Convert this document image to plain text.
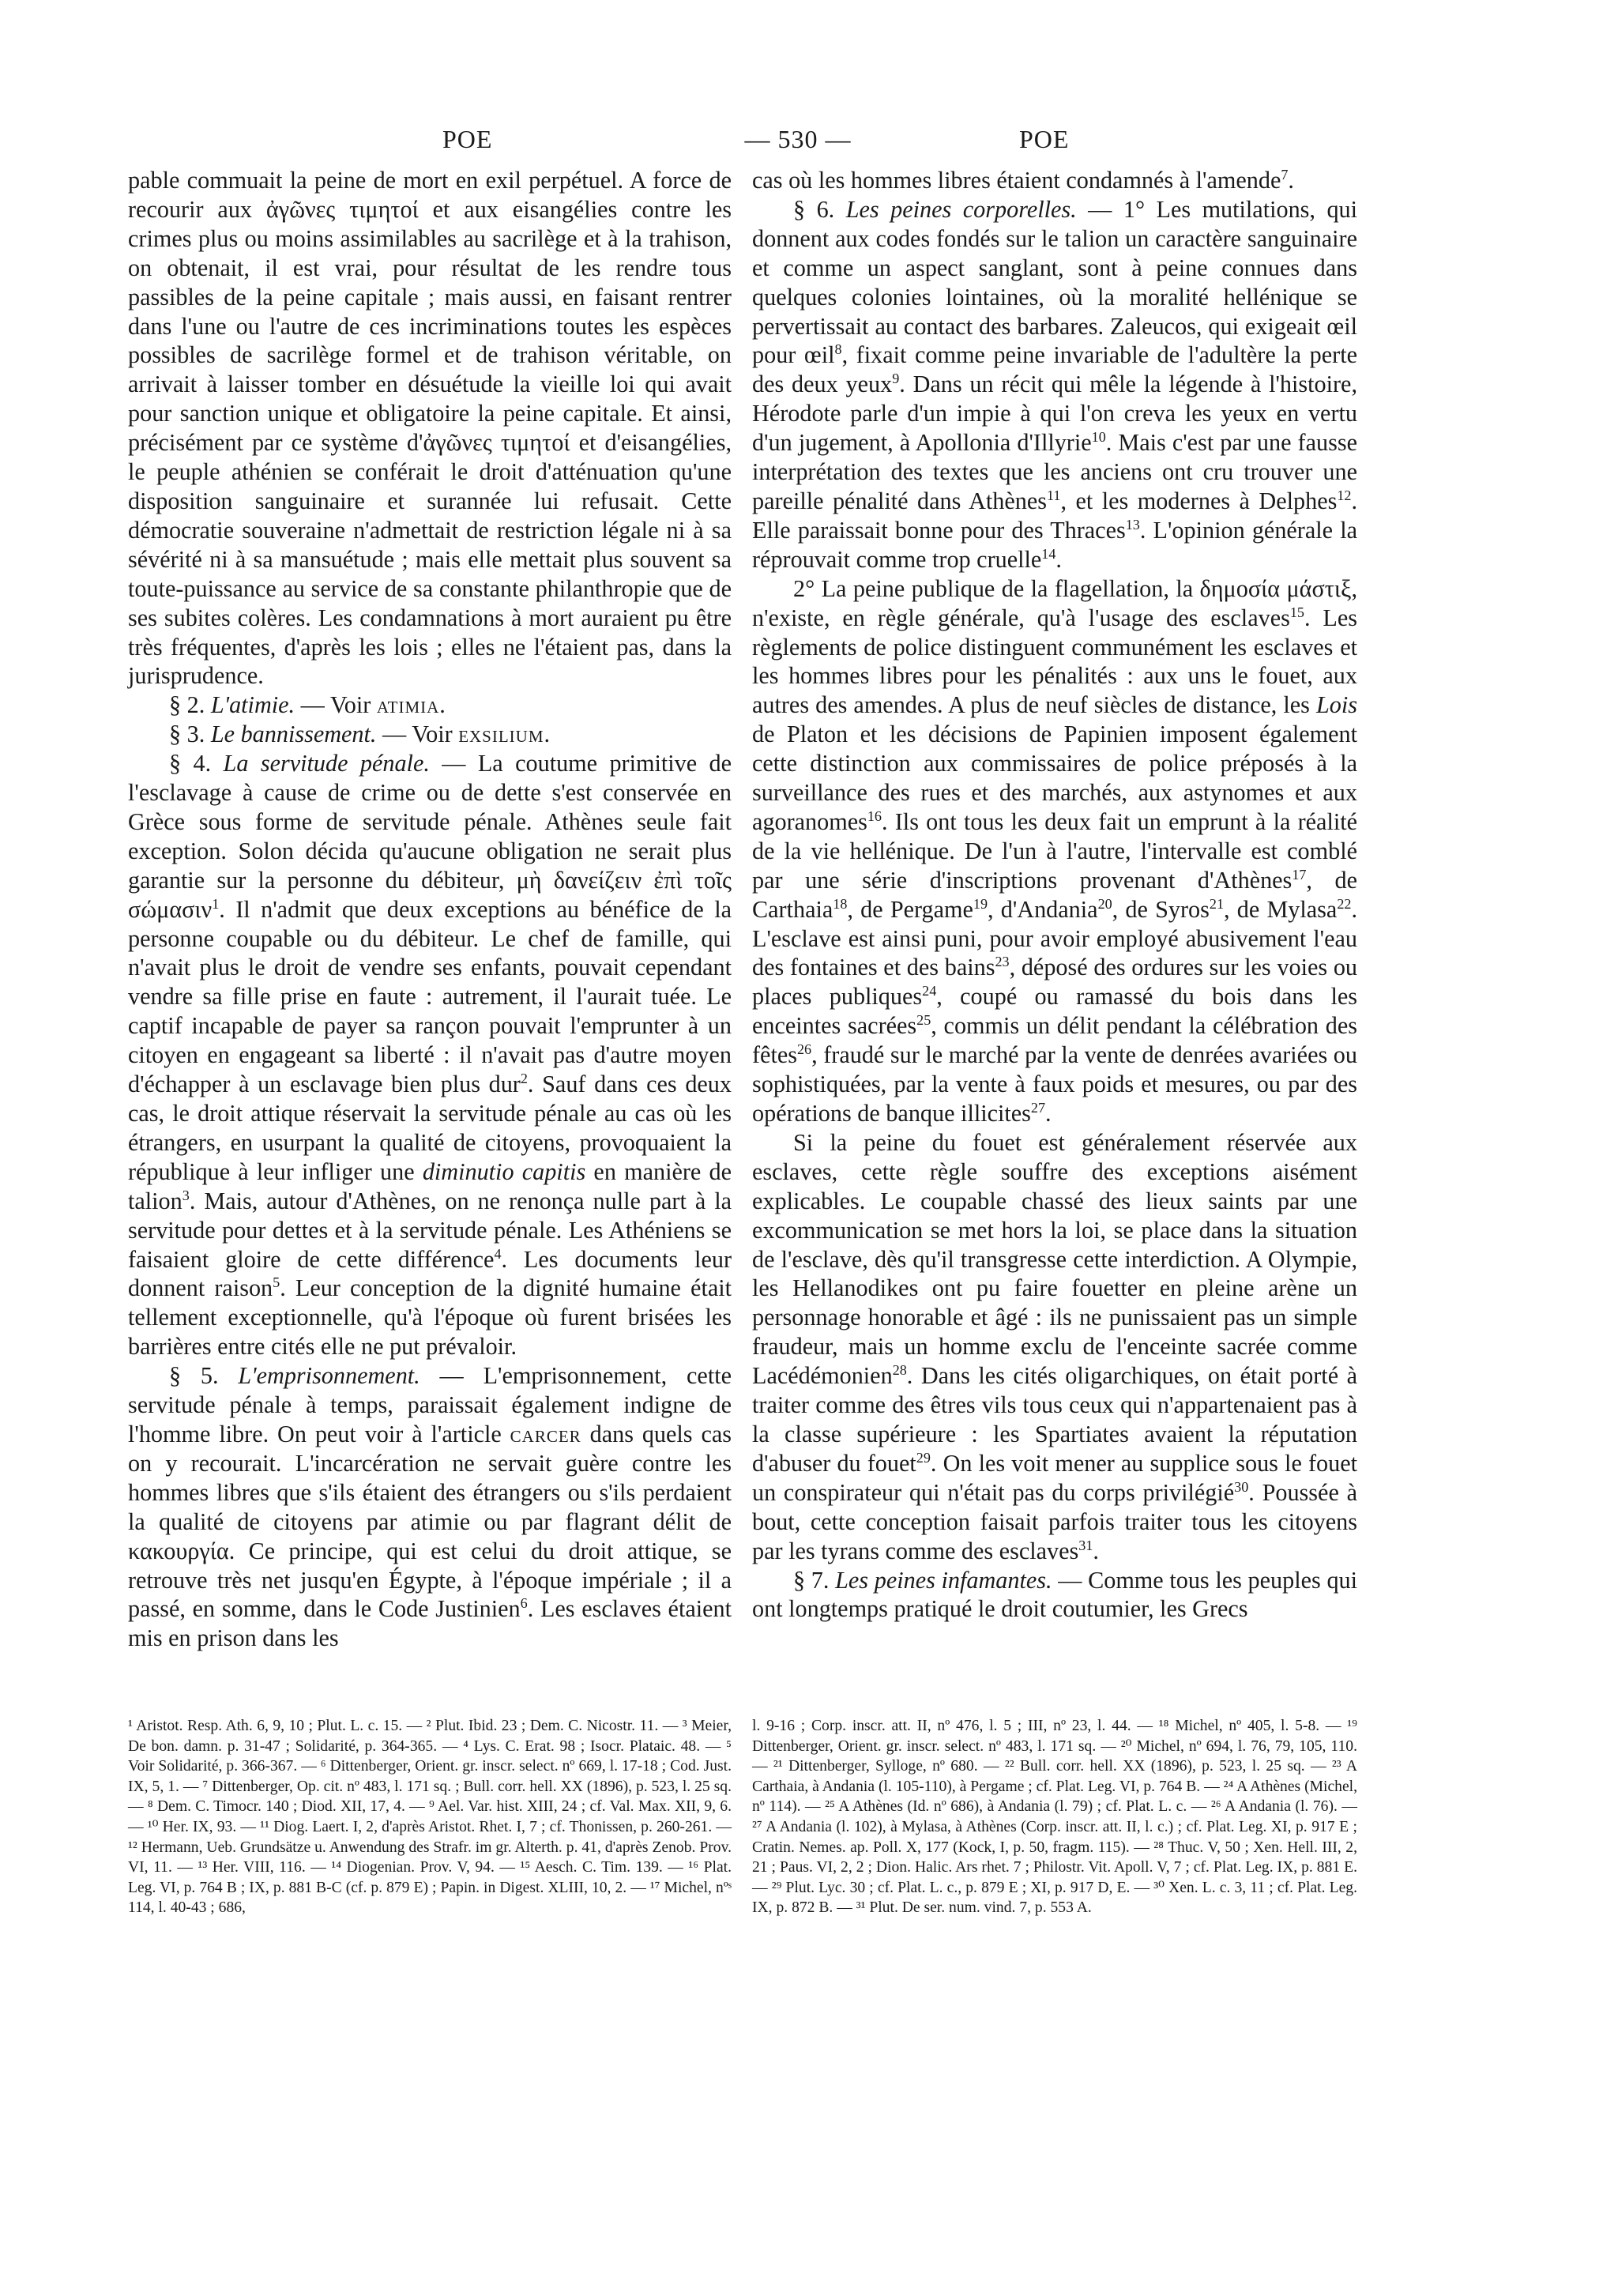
POE	— 530 —	POE

pable commuait la peine de mort en exil perpétuel. A force de recourir aux ἀγῶνες τιμητοί et aux eisangélies contre les crimes plus ou moins assimilables au sacrilège et à la trahison, on obtenait, il est vrai, pour résultat de les rendre tous passibles de la peine capitale ; mais aussi, en faisant rentrer dans l'une ou l'autre de ces incriminations toutes les espèces possibles de sacrilège formel et de trahison véritable, on arrivait à laisser tomber en désuétude la vieille loi qui avait pour sanction unique et obligatoire la peine capitale. Et ainsi, précisément par ce système d'ἀγῶνες τιμητοί et d'eisangélies, le peuple athénien se conférait le droit d'atténuation qu'une disposition sanguinaire et surannée lui refusait. Cette démocratie souveraine n'admettait de restriction légale ni à sa sévérité ni à sa mansuétude ; mais elle mettait plus souvent sa toute-puissance au service de sa constante philanthropie que de ses subites colères. Les condamnations à mort auraient pu être très fréquentes, d'après les lois ; elles ne l'étaient pas, dans la jurisprudence.

§ 2. L'atimie. — Voir atimia.

§ 3. Le bannissement. — Voir exsilium.

§ 4. La servitude pénale. — La coutume primitive de l'esclavage à cause de crime ou de dette s'est conservée en Grèce sous forme de servitude pénale. Athènes seule fait exception. Solon décida qu'aucune obligation ne serait plus garantie sur la personne du débiteur, μὴ δανείζειν ἐπὶ τοῖς σώμασιν$^1$. Il n'admit que deux exceptions au bénéfice de la personne coupable ou du débiteur. Le chef de famille, qui n'avait plus le droit de vendre ses enfants, pouvait cependant vendre sa fille prise en faute : autrement, il l'aurait tuée. Le captif incapable de payer sa rançon pouvait l'emprunter à un citoyen en engageant sa liberté : il n'avait pas d'autre moyen d'échapper à un esclavage bien plus dur$^2$. Sauf dans ces deux cas, le droit attique réservait la servitude pénale au cas où les étrangers, en usurpant la qualité de citoyens, provoquaient la république à leur infliger une diminutio capitis en manière de talion$^3$. Mais, autour d'Athènes, on ne renonça nulle part à la servitude pour dettes et à la servitude pénale. Les Athéniens se faisaient gloire de cette différence$^4$. Les documents leur donnent raison$^5$. Leur conception de la dignité humaine était tellement exceptionnelle, qu'à l'époque où furent brisées les barrières entre cités elle ne put prévaloir.

§ 5. L'emprisonnement. — L'emprisonnement, cette servitude pénale à temps, paraissait également indigne de l'homme libre. On peut voir à l'article carcer dans quels cas on y recourait. L'incarcération ne servait guère contre les hommes libres que s'ils étaient des étrangers ou s'ils perdaient la qualité de citoyens par atimie ou par flagrant délit de κακουργία. Ce principe, qui est celui du droit attique, se retrouve très net jusqu'en Égypte, à l'époque impériale ; il a passé, en somme, dans le Code Justinien$^6$. Les esclaves étaient mis en prison dans les

cas où les hommes libres étaient condamnés à l'amende$^7$.

§ 6. Les peines corporelles. — 1° Les mutilations, qui donnent aux codes fondés sur le talion un caractère sanguinaire et comme un aspect sanglant, sont à peine connues dans quelques colonies lointaines, où la moralité hellénique se pervertissait au contact des barbares. Zaleucos, qui exigeait œil pour œil$^8$, fixait comme peine invariable de l'adultère la perte des deux yeux$^9$. Dans un récit qui mêle la légende à l'histoire, Hérodote parle d'un impie à qui l'on creva les yeux en vertu d'un jugement, à Apollonia d'Illyrie$^{10}$. Mais c'est par une fausse interprétation des textes que les anciens ont cru trouver une pareille pénalité dans Athènes$^{11}$, et les modernes à Delphes$^{12}$. Elle paraissait bonne pour des Thraces$^{13}$. L'opinion générale la réprouvait comme trop cruelle$^{14}$.

2° La peine publique de la flagellation, la δημοσία μάστιξ, n'existe, en règle générale, qu'à l'usage des esclaves$^{15}$. Les règlements de police distinguent communément les esclaves et les hommes libres pour les pénalités : aux uns le fouet, aux autres des amendes. A plus de neuf siècles de distance, les Lois de Platon et les décisions de Papinien imposent également cette distinction aux commissaires de police préposés à la surveillance des rues et des marchés, aux astynomes et aux agoranomes$^{16}$. Ils ont tous les deux fait un emprunt à la réalité de la vie hellénique. De l'un à l'autre, l'intervalle est comblé par une série d'inscriptions provenant d'Athènes$^{17}$, de Carthaia$^{18}$, de Pergame$^{19}$, d'Andania$^{20}$, de Syros$^{21}$, de Mylasa$^{22}$. L'esclave est ainsi puni, pour avoir employé abusivement l'eau des fontaines et des bains$^{23}$, déposé des ordures sur les voies ou places publiques$^{24}$, coupé ou ramassé du bois dans les enceintes sacrées$^{25}$, commis un délit pendant la célébration des fêtes$^{26}$, fraudé sur le marché par la vente de denrées avariées ou sophistiquées, par la vente à faux poids et mesures, ou par des opérations de banque illicites$^{27}$.

Si la peine du fouet est généralement réservée aux esclaves, cette règle souffre des exceptions aisément explicables. Le coupable chassé des lieux saints par une excommunication se met hors la loi, se place dans la situation de l'esclave, dès qu'il transgresse cette interdiction. A Olympie, les Hellanodikes ont pu faire fouetter en pleine arène un personnage honorable et âgé : ils ne punissaient pas un simple fraudeur, mais un homme exclu de l'enceinte sacrée comme Lacédémonien$^{28}$. Dans les cités oligarchiques, on était porté à traiter comme des êtres vils tous ceux qui n'appartenaient pas à la classe supérieure : les Spartiates avaient la réputation d'abuser du fouet$^{29}$. On les voit mener au supplice sous le fouet un conspirateur qui n'était pas du corps privilégié$^{30}$. Poussée à bout, cette conception faisait parfois traiter tous les citoyens par les tyrans comme des esclaves$^{31}$.

§ 7. Les peines infamantes. — Comme tous les peuples qui ont longtemps pratiqué le droit coutumier, les Grecs

¹ Aristot. Resp. Ath. 6, 9, 10 ; Plut. L. c. 15. — ² Plut. Ibid. 23 ; Dem. C. Nicostr. 11. — ³ Meier, De bon. damn. p. 31-47 ; Solidarité, p. 364-365. — ⁴ Lys. C. Erat. 98 ; Isocr. Plataic. 48. — ⁵ Voir Solidarité, p. 366-367. — ⁶ Dittenberger, Orient. gr. inscr. select. nº 669, l. 17-18 ; Cod. Just. IX, 5, 1. — ⁷ Dittenberger, Op. cit. nº 483, l. 171 sq. ; Bull. corr. hell. XX (1896), p. 523, l. 25 sq. — ⁸ Dem. C. Timocr. 140 ; Diod. XII, 17, 4. — ⁹ Ael. Var. hist. XIII, 24 ; cf. Val. Max. XII, 9, 6. — ¹⁰ Her. IX, 93. — ¹¹ Diog. Laert. I, 2, d'après Aristot. Rhet. I, 7 ; cf. Thonissen, p. 260-261. — ¹² Hermann, Ueb. Grundsätze u. Anwendung des Strafr. im gr. Alterth. p. 41, d'après Zenob. Prov. VI, 11. — ¹³ Her. VIII, 116. — ¹⁴ Diogenian. Prov. V, 94. — ¹⁵ Aesch. C. Tim. 139. — ¹⁶ Plat. Leg. VI, p. 764 B ; IX, p. 881 B-C (cf. p. 879 E) ; Papin. in Digest. XLIII, 10, 2. — ¹⁷ Michel, nºˢ 114, l. 40-43 ; 686,
l. 9-16 ; Corp. inscr. att. II, nº 476, l. 5 ; III, nº 23, l. 44. — ¹⁸ Michel, nº 405, l. 5-8. — ¹⁹ Dittenberger, Orient. gr. inscr. select. nº 483, l. 171 sq. — ²⁰ Michel, nº 694, l. 76, 79, 105, 110. — ²¹ Dittenberger, Sylloge, nº 680. — ²² Bull. corr. hell. XX (1896), p. 523, l. 25 sq. — ²³ A Carthaia, à Andania (l. 105-110), à Pergame ; cf. Plat. Leg. VI, p. 764 B. — ²⁴ A Athènes (Michel, nº 114). — ²⁵ A Athènes (Id. nº 686), à Andania (l. 79) ; cf. Plat. L. c. — ²⁶ A Andania (l. 76). — ²⁷ A Andania (l. 102), à Mylasa, à Athènes (Corp. inscr. att. II, l. c.) ; cf. Plat. Leg. XI, p. 917 E ; Cratin. Nemes. ap. Poll. X, 177 (Kock, I, p. 50, fragm. 115). — ²⁸ Thuc. V, 50 ; Xen. Hell. III, 2, 21 ; Paus. VI, 2, 2 ; Dion. Halic. Ars rhet. 7 ; Philostr. Vit. Apoll. V, 7 ; cf. Plat. Leg. IX, p. 881 E. — ²⁹ Plut. Lyc. 30 ; cf. Plat. L. c., p. 879 E ; XI, p. 917 D, E. — ³⁰ Xen. L. c. 3, 11 ; cf. Plat. Leg. IX, p. 872 B. — ³¹ Plut. De ser. num. vind. 7, p. 553 A.
